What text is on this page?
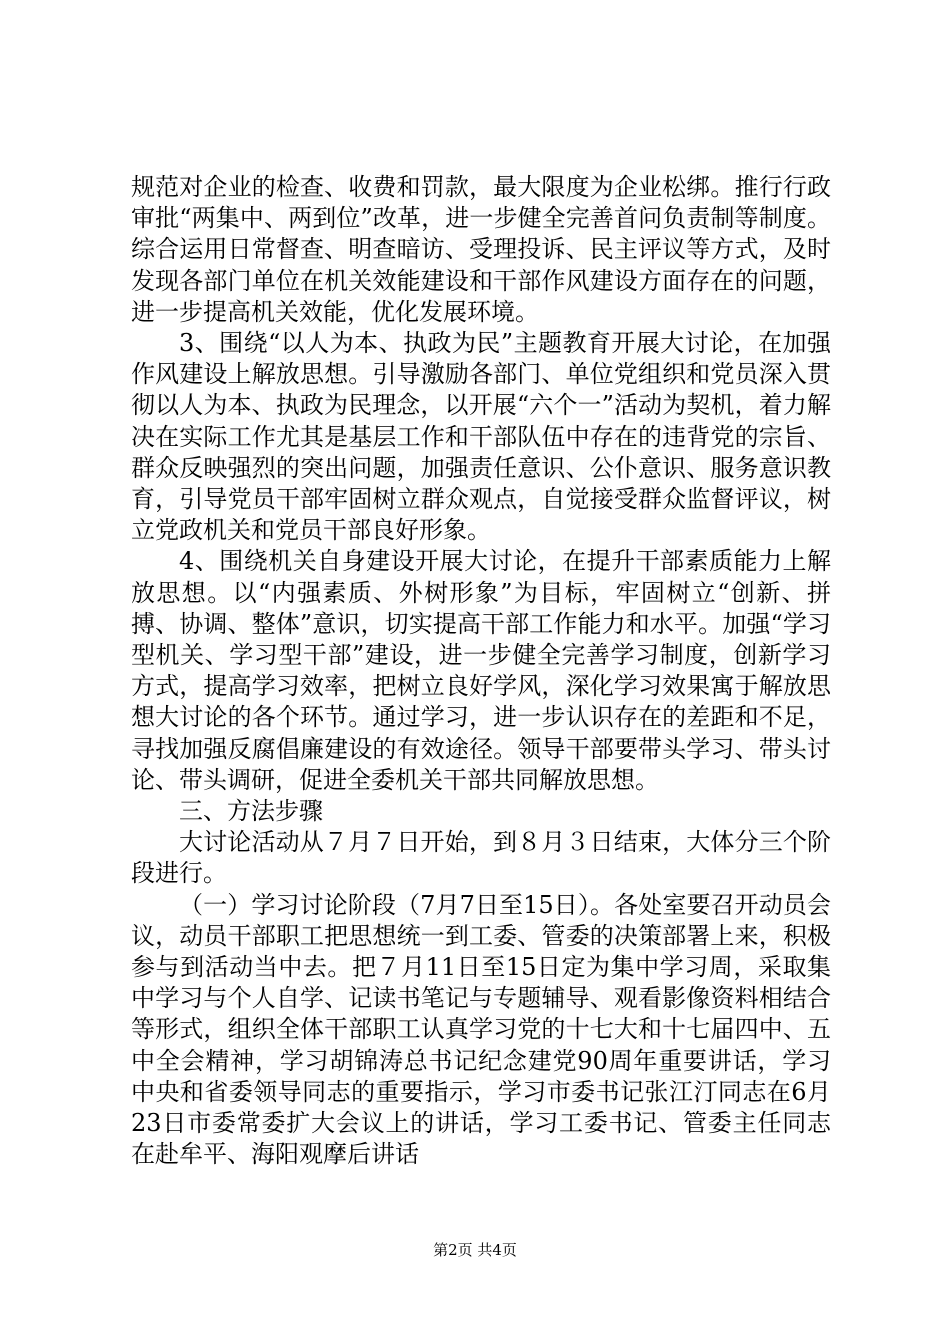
规范对企业的检查、收费和罚款，最大限度为企业松绑。推行行政审批“两集中、两到位”改革，进一步健全完善首问负责制等制度。综合运用日常督查、明查暗访、受理投诉、民主评议等方式，及时发现各部门单位在机关效能建设和干部作风建设方面存在的问题，进一步提高机关效能，优化发展环境。

3、围绕“以人为本、执政为民”主题教育开展大讨论，在加强作风建设上解放思想。引导激励各部门、单位党组织和党员深入贯彻以人为本、执政为民理念，以开展“六个一”活动为契机，着力解决在实际工作尤其是基层工作和干部队伍中存在的违背党的宗旨、群众反映强烈的突出问题，加强责任意识、公仆意识、服务意识教育，引导党员干部牢固树立群众观点，自觉接受群众监督评议，树立党政机关和党员干部良好形象。

4、围绕机关自身建设开展大讨论，在提升干部素质能力上解放思想。以“内强素质、外树形象”为目标，牢固树立“创新、拼搏、协调、整体”意识，切实提高干部工作能力和水平。加强“学习型机关、学习型干部”建设，进一步健全完善学习制度，创新学习方式，提高学习效率，把树立良好学风，深化学习效果寓于解放思想大讨论的各个环节。通过学习，进一步认识存在的差距和不足，寻找加强反腐倡廉建设的有效途径。领导干部要带头学习、带头讨论、带头调研，促进全委机关干部共同解放思想。

三、方法步骤

大讨论活动从７月７日开始，到８月３日结束，大体分三个阶段进行。

（一）学习讨论阶段（7月7日至15日）。各处室要召开动员会议，动员干部职工把思想统一到工委、管委的决策部署上来，积极参与到活动当中去。把７月11日至15日定为集中学习周，采取集中学习与个人自学、记读书笔记与专题辅导、观看影像资料相结合等形式，组织全体干部职工认真学习党的十七大和十七届四中、五中全会精神，学习胡锦涛总书记纪念建党90周年重要讲话，学习中央和省委领导同志的重要指示，学习市委书记张江汀同志在6月23日市委常委扩大会议上的讲话，学习工委书记、管委主任同志在赴牟平、海阳观摩后讲话

第2页 共4页
